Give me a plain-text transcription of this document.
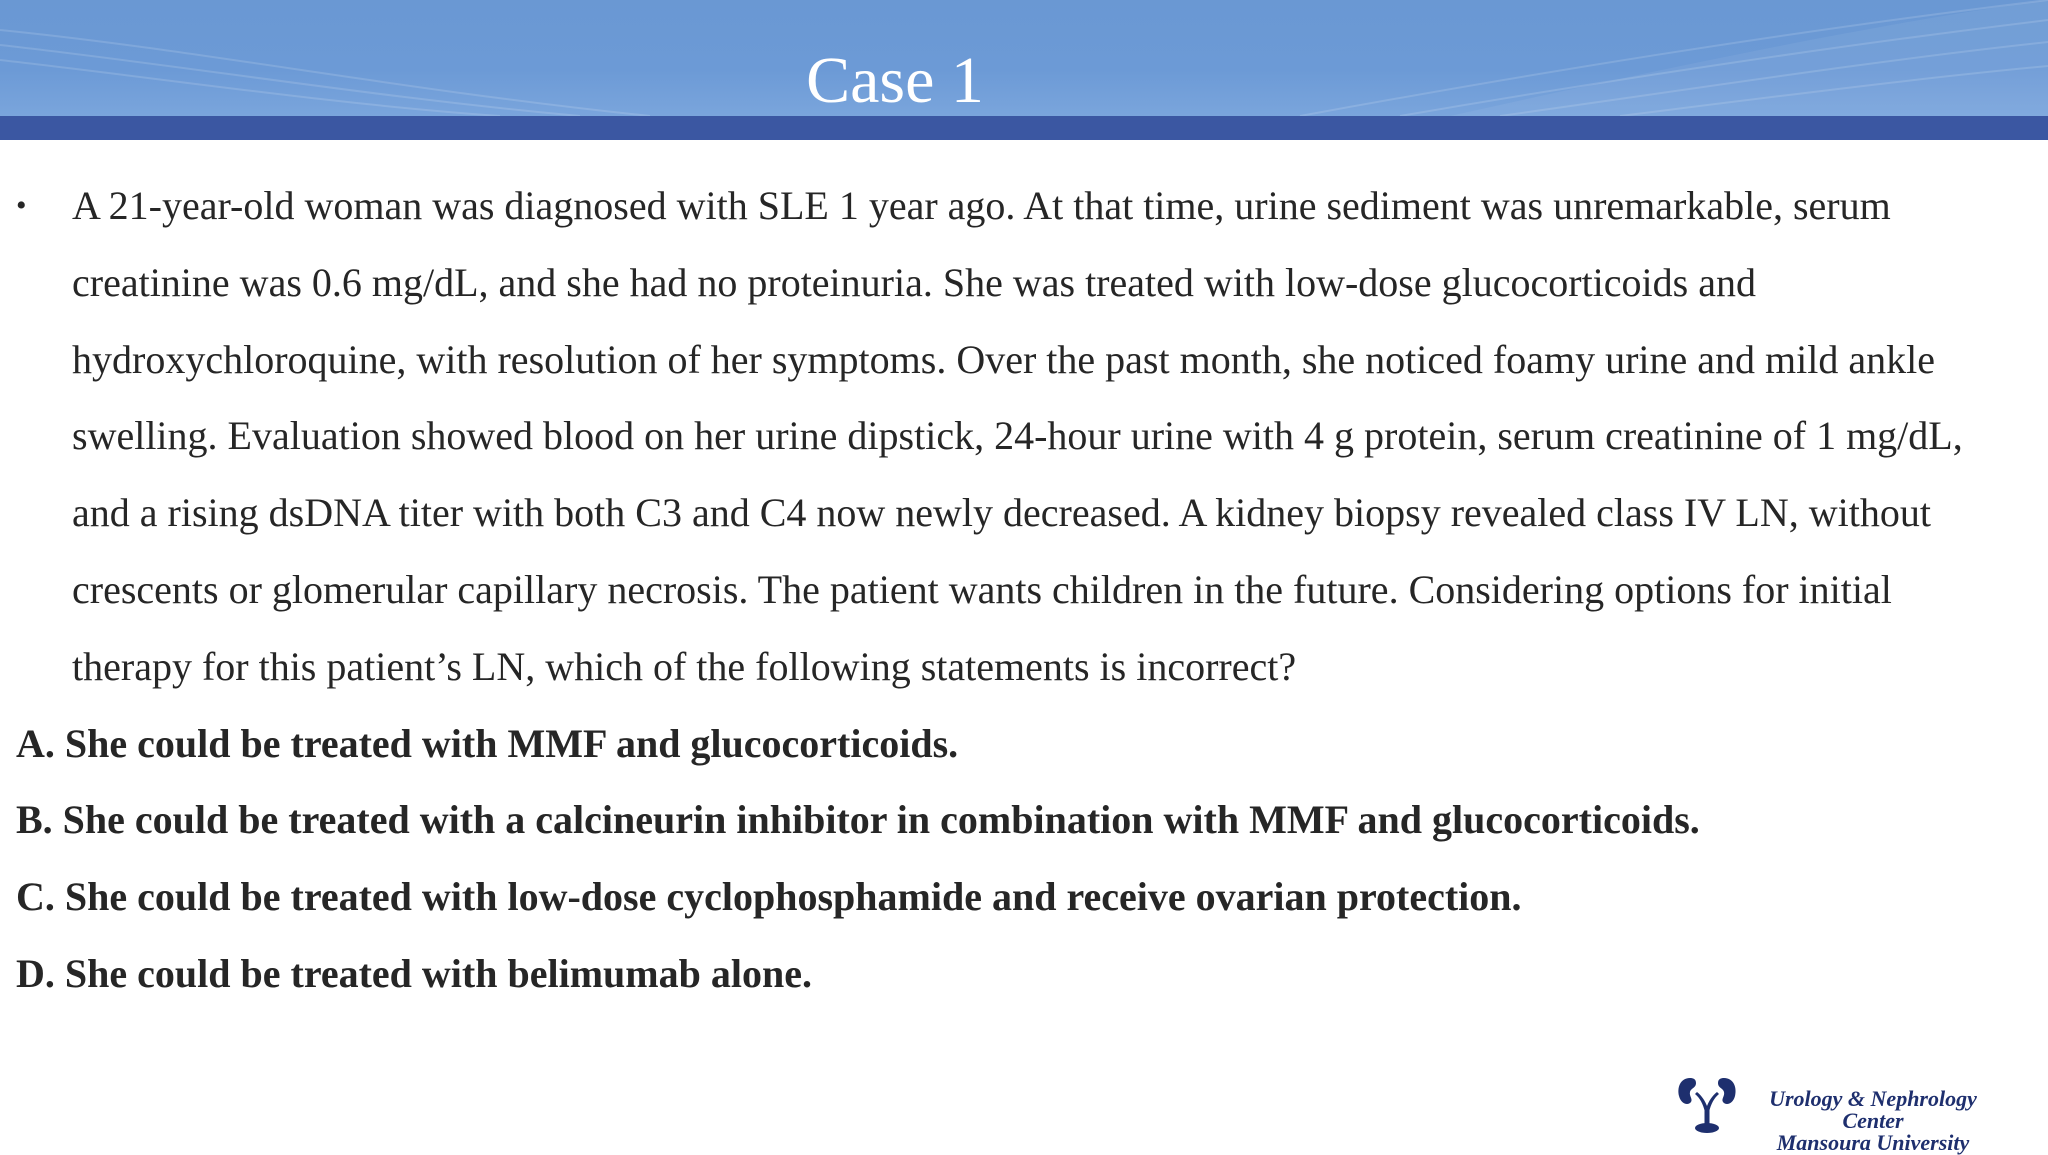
Case 1
• A 21-year-old woman was diagnosed with SLE 1 year ago. At that time, urine sediment was unremarkable, serum creatinine was 0.6 mg/dL, and she had no proteinuria. She was treated with low-dose glucocorticoids and hydroxychloroquine, with resolution of her symptoms. Over the past month, she noticed foamy urine and mild ankle swelling. Evaluation showed blood on her urine dipstick, 24-hour urine with 4 g protein, serum creatinine of 1 mg/dL, and a rising dsDNA titer with both C3 and C4 now newly decreased. A kidney biopsy revealed class IV LN, without crescents or glomerular capillary necrosis. The patient wants children in the future. Considering options for initial therapy for this patient’s LN, which of the following statements is incorrect?

A. She could be treated with MMF and glucocorticoids.
B. She could be treated with a calcineurin inhibitor in combination with MMF and glucocorticoids.
C. She could be treated with low-dose cyclophosphamide and receive ovarian protection.
D. She could be treated with belimumab alone.
Urology & Nephrology Center
Mansoura University
